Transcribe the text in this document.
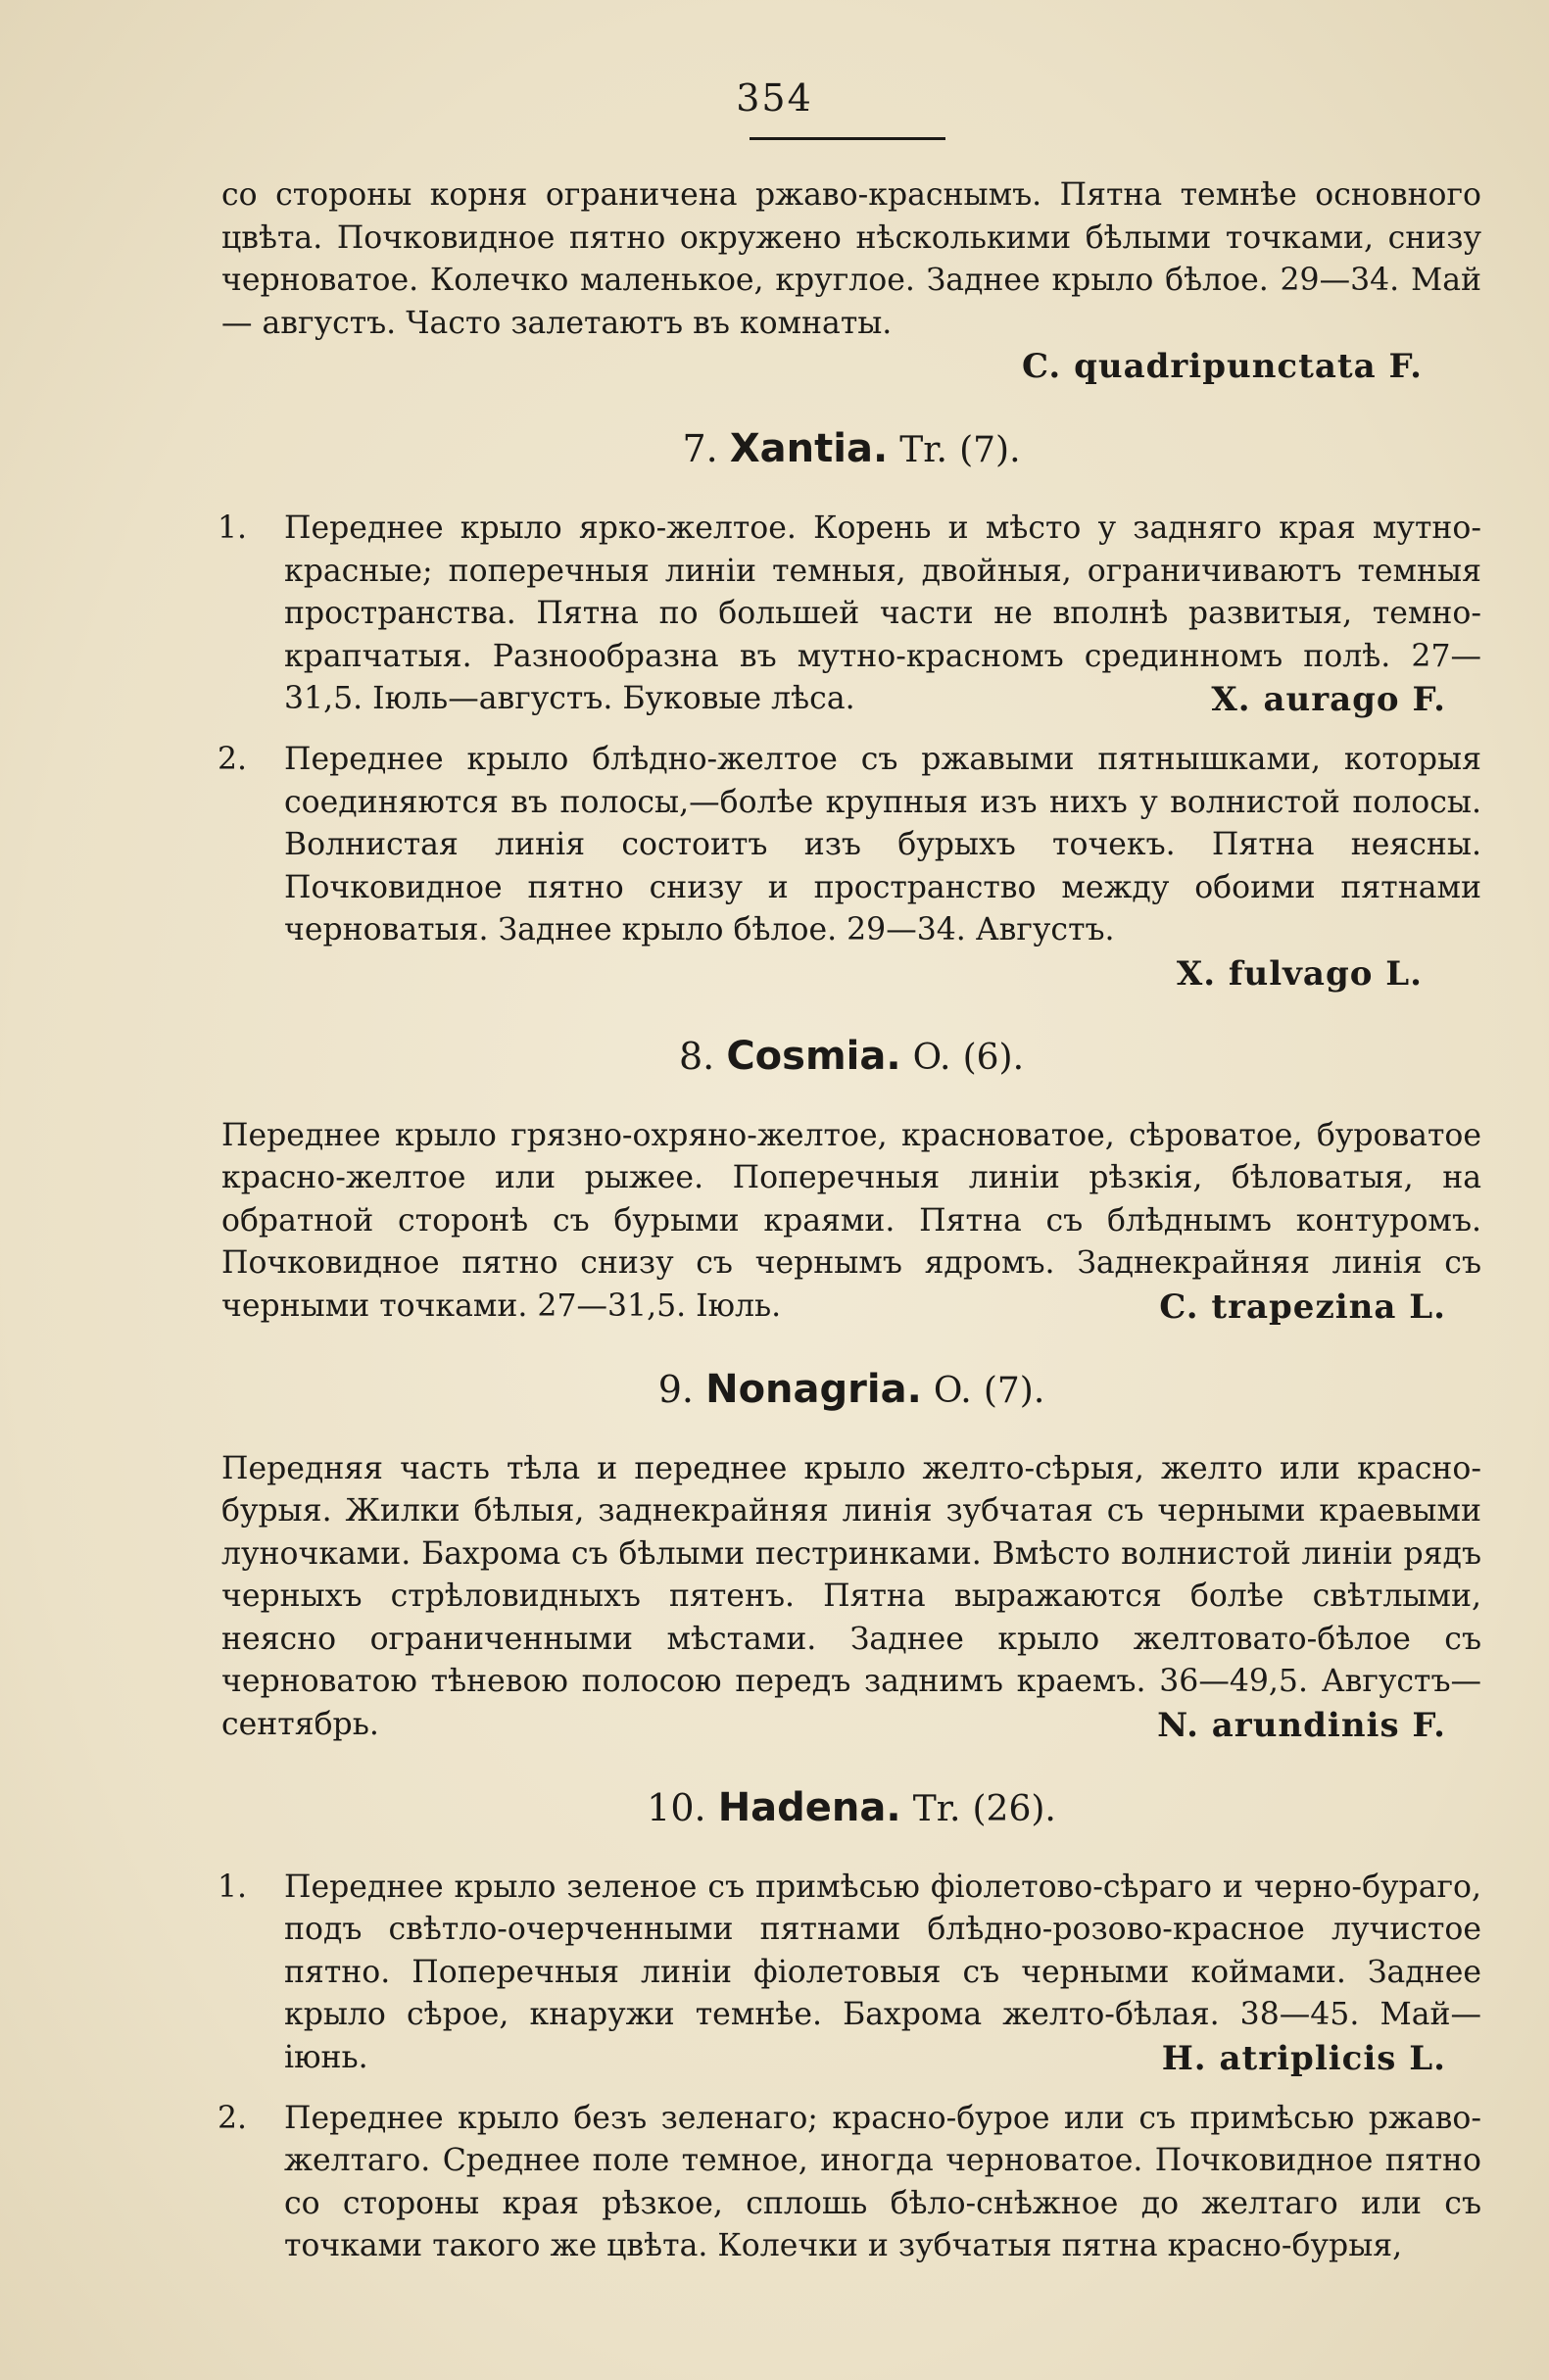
354

со стороны корня ограничена ржаво-краснымъ. Пятна темнѣе основного цвѣта. Почковидное пятно окружено нѣсколькими бѣлыми точками, снизу черноватое. Колечко маленькое, круглое. Заднее крыло бѣлое. 29—34. Май — августъ. Часто залетаютъ въ комнаты.

C. quadripunctata F.
7. Xantia. Tr. (7).
1. Переднее крыло ярко-желтое. Корень и мѣсто у задняго края мутно-красные; поперечныя линіи темныя, двойныя, ограничиваютъ темныя пространства. Пятна по большей части не вполнѣ развитыя, темно-крапчатыя. Разнообразна въ мутно-красномъ срединномъ полѣ. 27— 31,5. Іюль—августъ. Буковые лѣса.	X. aurago F.

2. Переднее крыло блѣдно-желтое съ ржавыми пятнышками, которыя соединяются въ полосы,—болѣе крупныя изъ нихъ у волнистой полосы. Волнистая линія состоитъ изъ бурыхъ точекъ. Пятна неясны. Почковидное пятно снизу и пространство между обоими пятнами черноватыя. Заднее крыло бѣлое. 29—34. Августъ.

X. fulvago L.
8. Cosmia. O. (6).

Переднее крыло грязно-охряно-желтое, красноватое, сѣроватое, буроватое красно-желтое или рыжее. Поперечныя линіи рѣзкія, бѣловатыя, на обратной сторонѣ съ бурыми краями. Пятна съ блѣднымъ контуромъ. Почковидное пятно снизу съ чернымъ ядромъ. Заднекрайняя линія съ черными точками. 27—31,5. Іюль.	C. trapezina L.

9. Nonagria. O. (7).

Передняя часть тѣла и переднее крыло желто-сѣрыя, желто или красно-бурыя. Жилки бѣлыя, заднекрайняя линія зубчатая съ черными краевыми луночками. Бахрома съ бѣлыми пестринками. Вмѣсто волнистой линіи рядъ черныхъ стрѣловидныхъ пятенъ. Пятна выражаются болѣе свѣтлыми, неясно ограниченными мѣстами. Заднее крыло желтовато-бѣлое съ черноватою тѣневою полосою передъ заднимъ краемъ. 36—49,5. Августъ—сентябрь.	N. arundinis F.

10. Hadena. Tr. (26).
1. Переднее крыло зеленое съ примѣсью фіолетово-сѣраго и черно-бураго, подъ свѣтло-очерченными пятнами блѣдно-розово-красное лучистое пятно. Поперечныя линіи фіолетовыя съ черными коймами. Заднее крыло сѣрое, кнаружи темнѣе. Бахрома желто-бѣлая. 38—45. Май—іюнь.	H. atriplicis L.

2. Переднее крыло безъ зеленаго; красно-бурое или съ примѣсью ржаво-желтаго. Среднее поле темное, иногда черноватое. Почковидное пятно со стороны края рѣзкое, сплошь бѣло-снѣжное до желтаго или съ точками такого же цвѣта. Колечки и зубчатыя пятна красно-бурыя,
